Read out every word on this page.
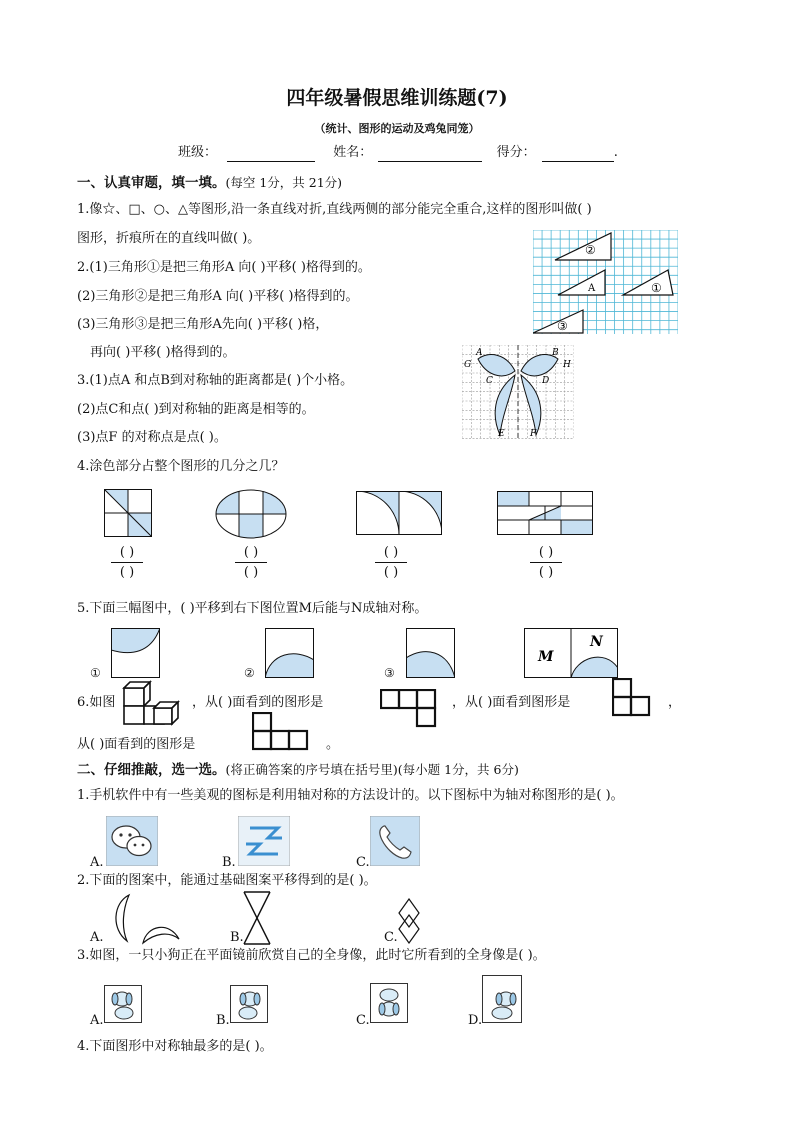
四年级暑假思维训练题(7)
（统计、图形的运动及鸡兔同笼）
班级：	姓名：	得分：	.
一、认真审题，填一填。(每空 1分，共 21分)
1.像☆、□、○、△等图形,沿一条直线对折,直线两侧的部分能完全重合,这样的图形叫做( )
图形，折痕所在的直线叫做( )。
2.(1)三角形①是把三角形A 向( )平移( )格得到的。
(2)三角形②是把三角形A 向( )平移( )格得到的。
(3)三角形③是把三角形A先向( )平移( )格，
再向( )平移( )格得到的。
②
A	①
③
3.(1)点A 和点B到对称轴的距离都是( )个小格。
(2)点C和点( )到对称轴的距离是相等的。
(3)点F 的对称点是点( )。
A	B
G	H
C	D
E	F
4.涂色部分占整个图形的几分之几？
( )
( )
( )
( )
( )
( )
( )
( )
5.下面三幅图中，( )平移到右下图位置M后能与N成轴对称。
①	②	③
M
N
6.如图	，从( )面看到的图形是	，从( )面看到图形是	，
从( )面看到的图形是	。
二、仔细推敲，选一选。(将正确答案的序号填在括号里)(每小题 1分，共 6分)
1.手机软件中有一些美观的图标是利用轴对称的方法设计的。以下图标中为轴对称图形的是( )。
A.	B.	C.
2.下面的图案中，能通过基础图案平移得到的是( )。
A.	B.	C.
3.如图，一只小狗正在平面镜前欣赏自己的全身像，此时它所看到的全身像是( )。
A.	B.	C.	D.
4.下面图形中对称轴最多的是( )。
